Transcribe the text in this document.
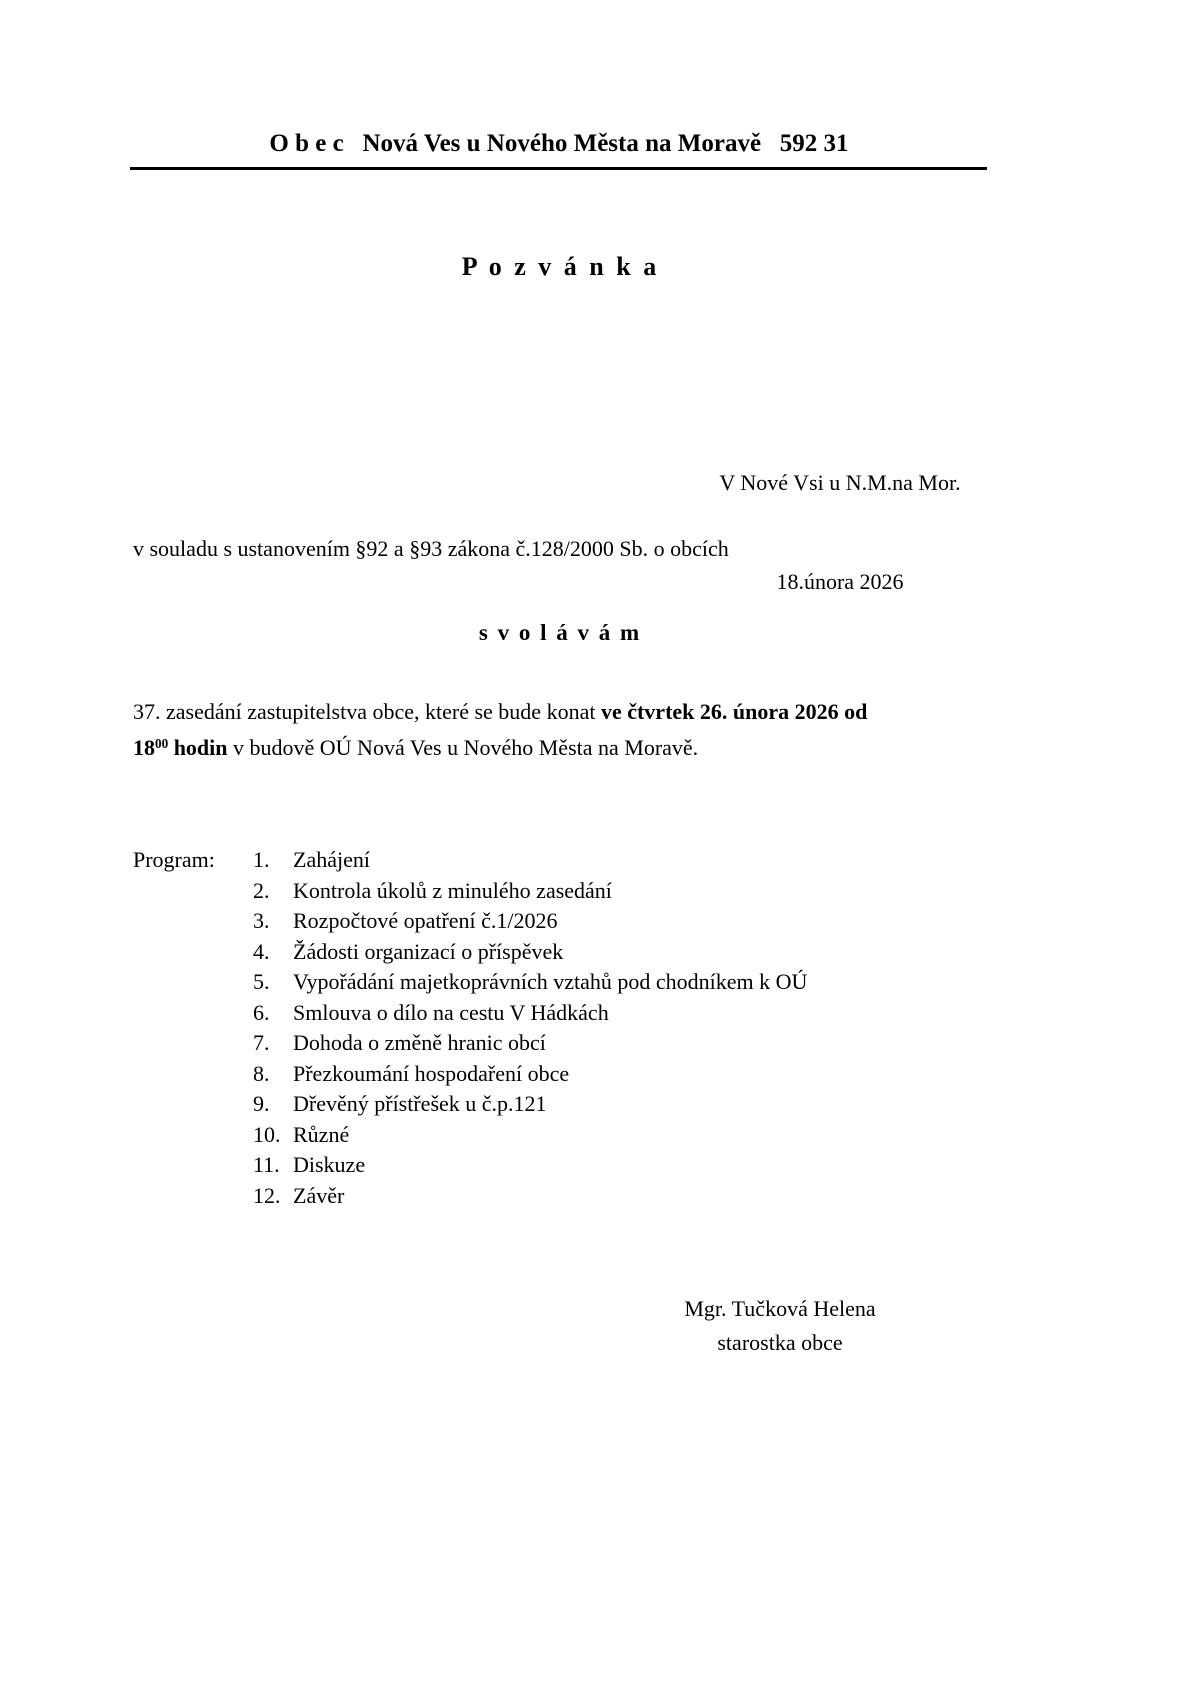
O b e c   Nová Ves u Nového Města na Moravě   592 31
P o z v á n k a

V Nové Vsi u N.M.na Mor.

18.února 2026

v souladu s ustanovením §92 a §93 zákona č.128/2000 Sb. o obcích
s v o l á v á m
37. zasedání zastupitelstva obce, které se bude konat ve čtvrtek 26. února 2026 od
$18^{00}$ hodin v budově OÚ Nová Ves u Nového Města na Moravě.
Program:	1.	Zahájení
2.	Kontrola úkolů z minulého zasedání
3.	Rozpočtové opatření č.1/2026
4.	Žádosti organizací o příspěvek
5.	Vypořádání majetkoprávních vztahů pod chodníkem k OÚ
6.	Smlouva o dílo na cestu V Hádkách
7.	Dohoda o změně hranic obcí
8.	Přezkoumání hospodaření obce
9.	Dřevěný přístřešek u č.p.121
10. Různé
11. Diskuze
12. Závěr
Mgr. Tučková Helena
starostka obce
